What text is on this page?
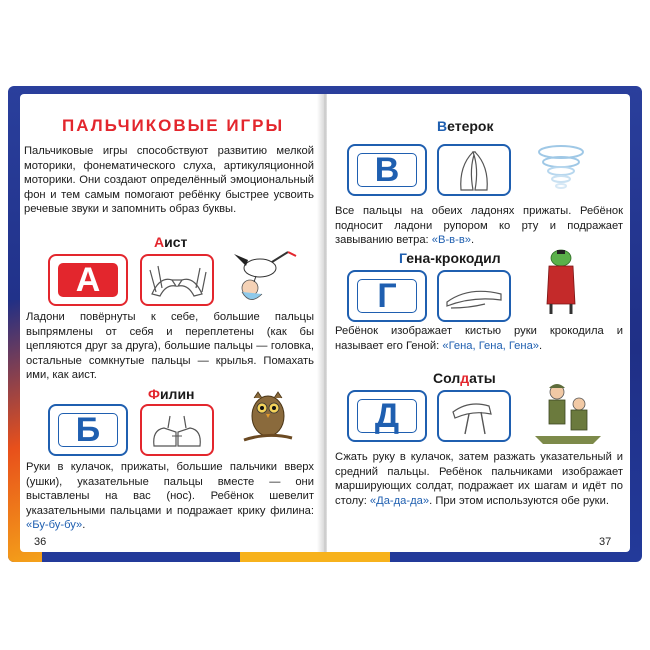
ПАЛЬЧИКОВЫЕ ИГРЫ
Пальчиковые игры способствуют развитию мелкой моторики, фонематического слуха, артикуляционной моторики. Они создают определённый эмоциональный фон и тем самым помогают ребёнку быстрее усвоить речевые звуки и запомнить образ буквы.
Аист
А
Ладони повёрнуты к себе, большие пальцы выпрямлены от себя и переплетены (как бы цепляются друг за друга), большие пальцы — головка, остальные сомкнутые пальцы — крылья. Помахать ими, как аист.
Филин
Б
Руки в кулачок, прижаты, большие пальчики вверх (ушки), указательные пальцы вместе — они выставлены на вас (нос). Ребёнок шевелит указательными пальцами и подражает крику филина: «Бу-бу-бу».
36
Ветерок
В
Все пальцы на обеих ладонях прижаты. Ребёнок подносит ладони рупором ко рту и подражает завыванию ветра: «В-в-в».
Гена-крокодил
Г
Ребёнок изображает кистью руки крокодила и называет его Геной: «Гена, Гена, Гена».
Солдаты
Д
Сжать руку в кулачок, затем разжать указательный и средний пальцы. Ребёнок пальчиками изображает марширующих солдат, подражает их шагам и идёт по столу: «Да-да-да». При этом используются обе руки.
37
